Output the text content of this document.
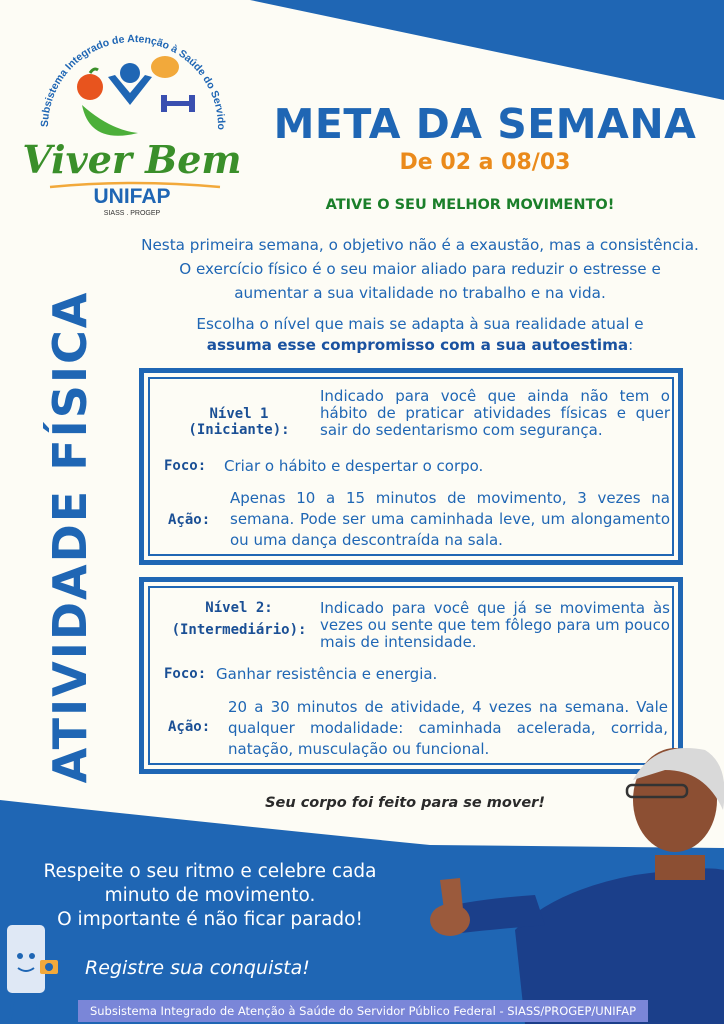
Subsistema Integrado de Atenção à Saúde do Servido
Viver Bem
UNIFAP
SIASS . PROGEP
META DA SEMANA
De 02 a 08/03
ATIVE O SEU MELHOR MOVIMENTO!
Nesta primeira semana, o objetivo não é a exaustão, mas a consistência. O exercício físico é o seu maior aliado para reduzir o estresse e aumentar a sua vitalidade no trabalho e na vida.
Escolha o nível que mais se adapta à sua realidade atual e
assuma esse compromisso com a sua autoestima:
ATIVIDADE FÍSICA	Nível 1 (Iniciante):
Indicado para você que ainda não tem o hábito de praticar atividades físicas e quer sair do sedentarismo com segurança.
Foco:	Criar o hábito e despertar o corpo.
Ação:
Apenas 10 a 15 minutos de movimento, 3 vezes na semana. Pode ser uma caminhada leve, um alongamento ou uma dança descontraída na sala.
Nível 2:
(Intermediário):
Indicado para você que já se movimenta às vezes ou sente que tem fôlego para um pouco mais de intensidade.
Foco: Ganhar resistência e energia.
Ação:
20 a 30 minutos de atividade, 4 vezes na semana. Vale qualquer modalidade: caminhada acelerada, corrida, natação, musculação ou funcional.
Seu corpo foi feito para se mover!
Respeite o seu ritmo e celebre cada
minuto de movimento.
O importante é não ficar parado!
Registre sua conquista!
Subsistema Integrado de Atenção à Saúde do Servidor Público Federal - SIASS/PROGEP/UNIFAP
